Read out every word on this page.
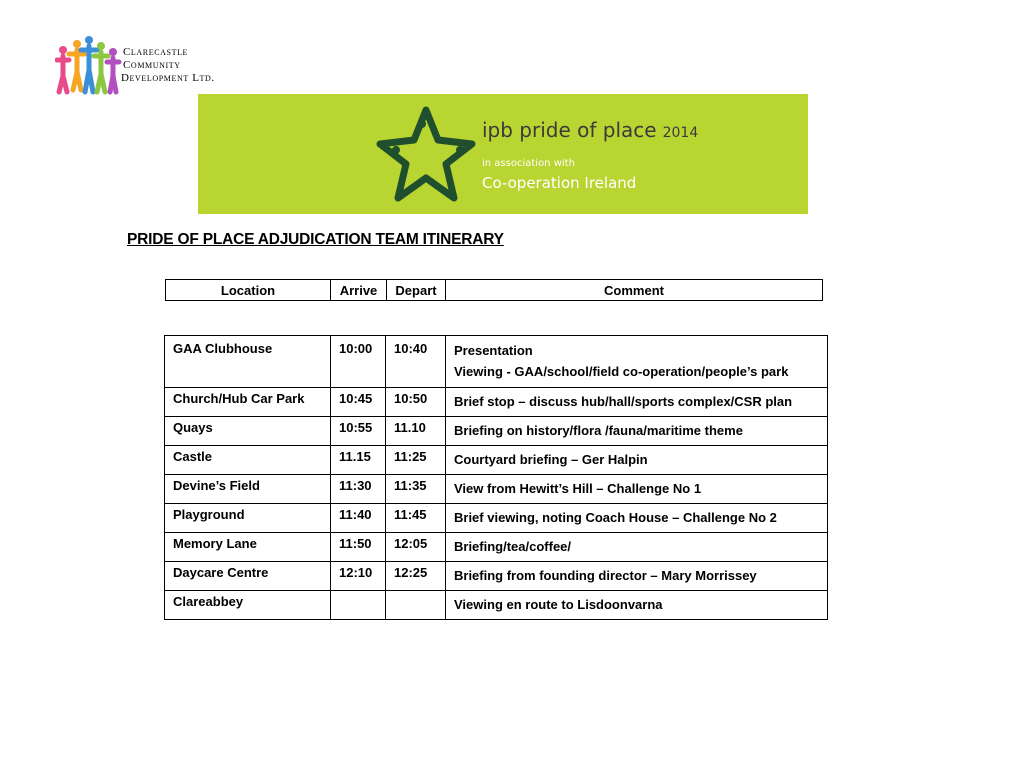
Clarecastle
Community
Development Ltd.
ipb pride of place 2014
in association with
Co-operation Ireland
PRIDE OF PLACE ADJUDICATION TEAM ITINERARY
Location	Arrive	Depart	Comment
GAA Clubhouse	10:00	10:40	Presentation
Viewing - GAA/school/field co-operation/people’s park

Church/Hub Car Park	10:45	10:50	Brief stop – discuss hub/hall/sports complex/CSR plan

Quays	10:55	11.10	Briefing on history/flora /fauna/maritime theme

Castle	11.15	11:25	Courtyard briefing – Ger Halpin

Devine’s Field	11:30	11:35	View from Hewitt’s Hill – Challenge No 1

Playground	11:40	11:45	Brief viewing, noting Coach House – Challenge No 2

Memory Lane	11:50	12:05	Briefing/tea/coffee/

Daycare Centre	12:10	12:25	Briefing from founding director – Mary Morrissey

Clareabbey			Viewing en route to Lisdoonvarna
